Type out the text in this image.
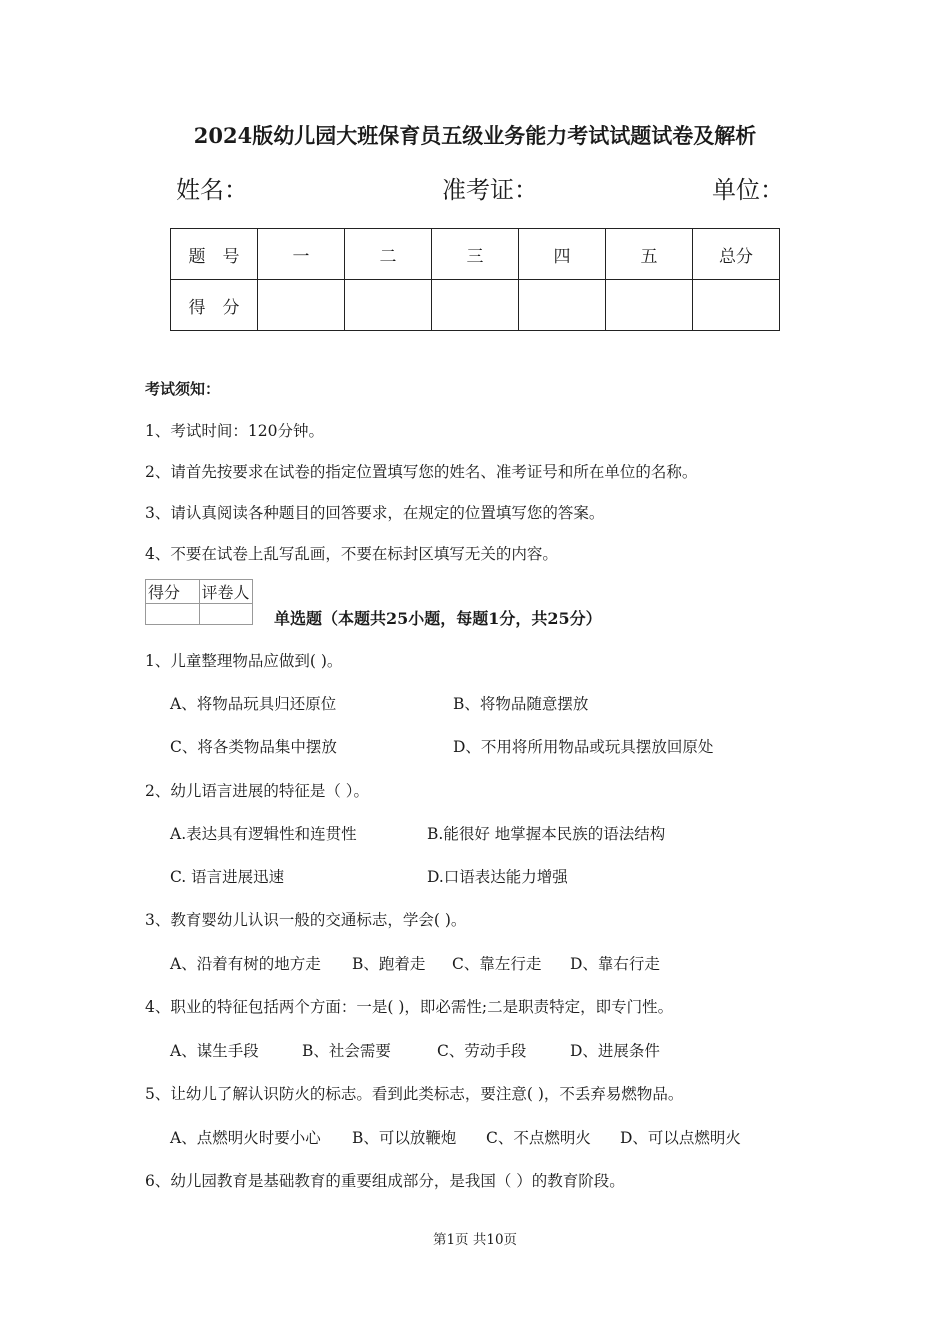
2024版幼儿园大班保育员五级业务能力考试试题试卷及解析
姓名：	准考证：	单位：
题　号	一	二	三	四	五	总分
得　分						
考试须知：
1、考试时间：120分钟。
2、请首先按要求在试卷的指定位置填写您的姓名、准考证号和所在单位的名称。
3、请认真阅读各种题目的回答要求，在规定的位置填写您的答案。
4、不要在试卷上乱写乱画，不要在标封区填写无关的内容。
得分	评卷人

单选题（本题共25小题，每题1分，共25分）
1、儿童整理物品应做到( )。
A、将物品玩具归还原位	B、将物品随意摆放
C、将各类物品集中摆放	D、不用将所用物品或玩具摆放回原处
2、幼儿语言进展的特征是（ ）。
A.表达具有逻辑性和连贯性	B.能很好 地掌握本民族的语法结构
C. 语言进展迅速	D.口语表达能力增强
3、教育婴幼儿认识一般的交通标志，学会( )。
A、沿着有树的地方走 B、跑着走 C、靠左行走 D、靠右行走
4、职业的特征包括两个方面：一是( )，即必需性;二是职责特定，即专门性。
A、谋生手段	B、社会需要	C、劳动手段	D、进展条件
5、让幼儿了解认识防火的标志。看到此类标志，要注意( )，不丢弃易燃物品。
A、点燃明火时要小心 B、可以放鞭炮 C、不点燃明火 D、可以点燃明火
6、幼儿园教育是基础教育的重要组成部分，是我国（ ）的教育阶段。
第1页 共10页
